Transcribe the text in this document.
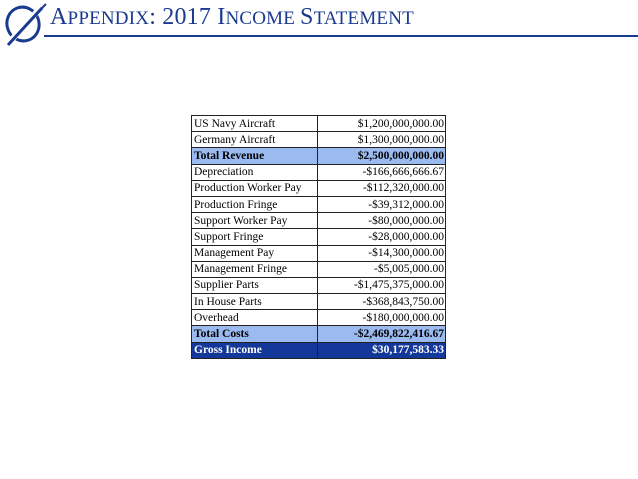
APPENDIX: 2017 INCOME STATEMENT
US Navy Aircraft	$1,200,000,000.00
Germany Aircraft	$1,300,000,000.00
Total Revenue	$2,500,000,000.00
Depreciation	-$166,666,666.67
Production Worker Pay	-$112,320,000.00
Production Fringe	-$39,312,000.00
Support Worker Pay	-$80,000,000.00
Support Fringe	-$28,000,000.00
Management Pay	-$14,300,000.00
Management Fringe	-$5,005,000.00
Supplier Parts	-$1,475,375,000.00
In House Parts	-$368,843,750.00
Overhead	-$180,000,000.00
Total Costs	-$2,469,822,416.67
Gross Income	$30,177,583.33
